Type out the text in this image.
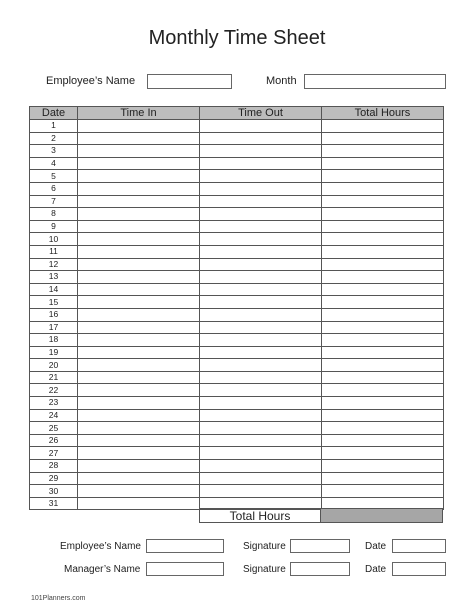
Monthly Time Sheet
Employee’s Name	Month
Date	Time In	Time Out	Total Hours
1			
2			
3			
4			
5			
6			
7			
8			
9			
10			
11			
12			
13			
14			
15			
16			
17			
18			
19			
20			
21			
22			
23			
24			
25			
26			
27			
28			
29			
30			
31			
Total Hours
Employee’s Name	Signature	Date
Manager’s Name	Signature	Date
101Planners.com
